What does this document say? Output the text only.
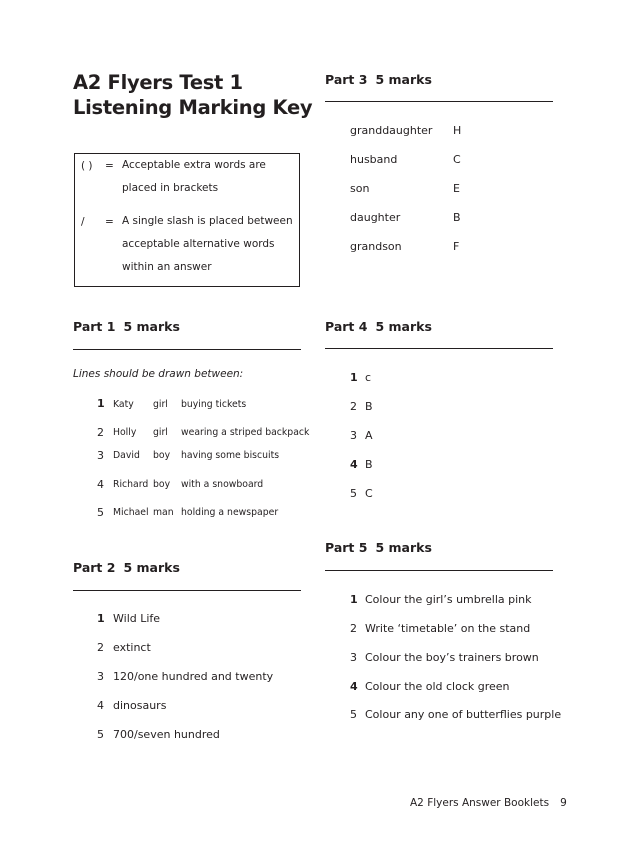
A2 Flyers Test 1
Listening Marking Key
( ) = Acceptable extra words are
placed in brackets
/ = A single slash is placed between
acceptable alternative words
within an answer
Part 1 5 marks
Lines should be drawn between:
1 Katy girl buying tickets
2 Holly girl wearing a striped backpack
3 David boy having some biscuits
4 Richard boy with a snowboard
5 Michael man holding a newspaper
Part 2 5 marks
1 Wild Life
2 extinct
3 120/one hundred and twenty
4 dinosaurs
5 700/seven hundred
Part 3 5 marks
granddaughter H
husband	C
son	E
daughter	B
grandson	F
Part 4 5 marks
1 c
2 B
3 A
4 B
5 C
Part 5 5 marks
1 Colour the girl’s umbrella pink
2 Write ‘timetable’ on the stand
3 Colour the boy’s trainers brown
4 Colour the old clock green
5 Colour any one of butterflies purple
A2 Flyers Answer Booklets 9
